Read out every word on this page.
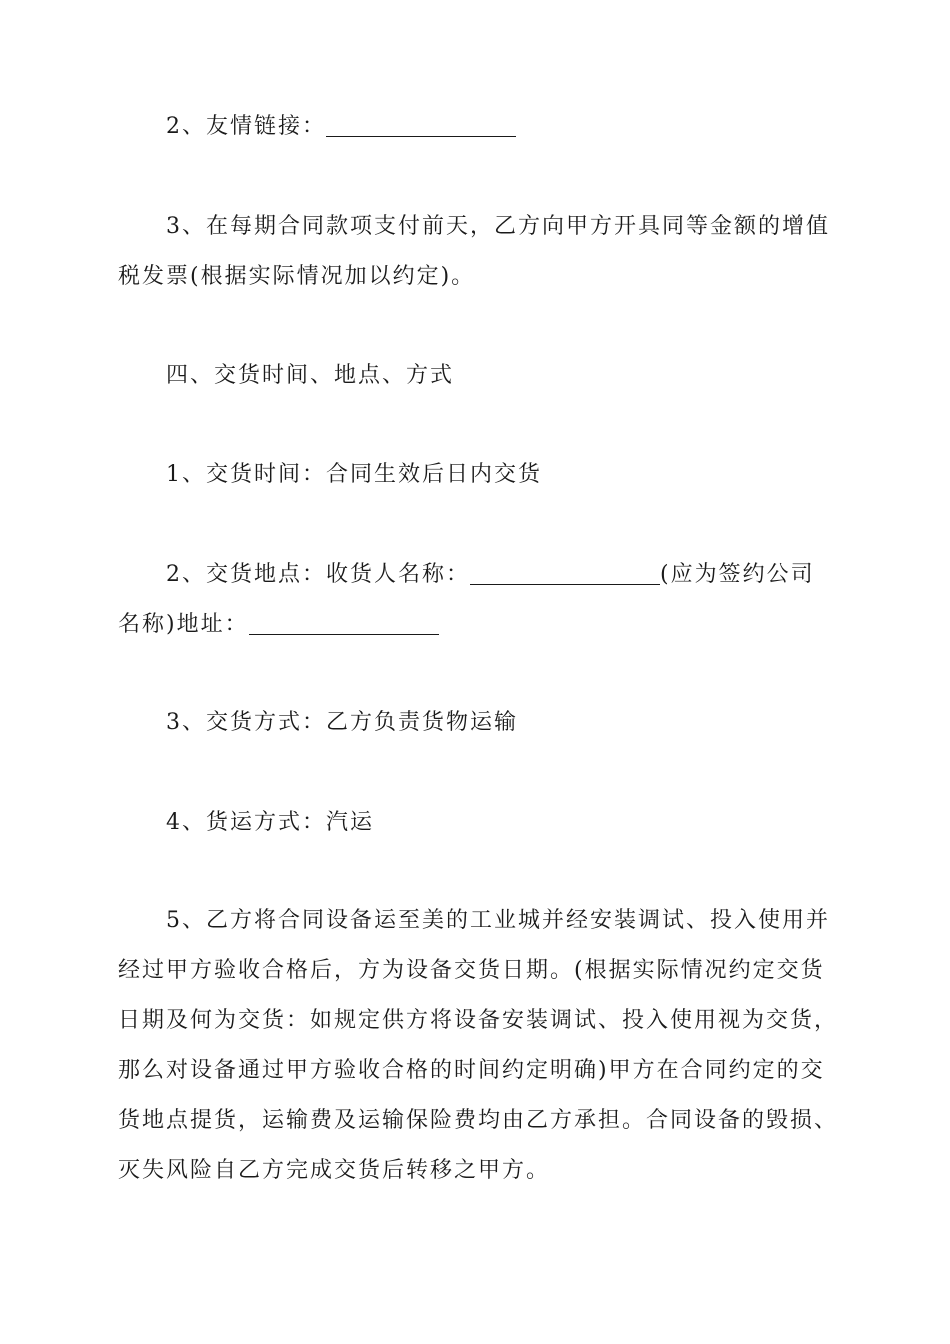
2、友情链接：

3、在每期合同款项支付前天，乙方向甲方开具同等金额的增值税发票(根据实际情况加以约定)。

四、交货时间、地点、方式

1、交货时间：合同生效后日内交货

2、交货地点：收货人名称：	(应为签约公司名称)地址：

3、交货方式：乙方负责货物运输

4、货运方式：汽运

5、乙方将合同设备运至美的工业城并经安装调试、投入使用并经过甲方验收合格后，方为设备交货日期。(根据实际情况约定交货日期及何为交货：如规定供方将设备安装调试、投入使用视为交货，那么对设备通过甲方验收合格的时间约定明确)甲方在合同约定的交货地点提货，运输费及运输保险费均由乙方承担。合同设备的毁损、灭失风险自乙方完成交货后转移之甲方。
